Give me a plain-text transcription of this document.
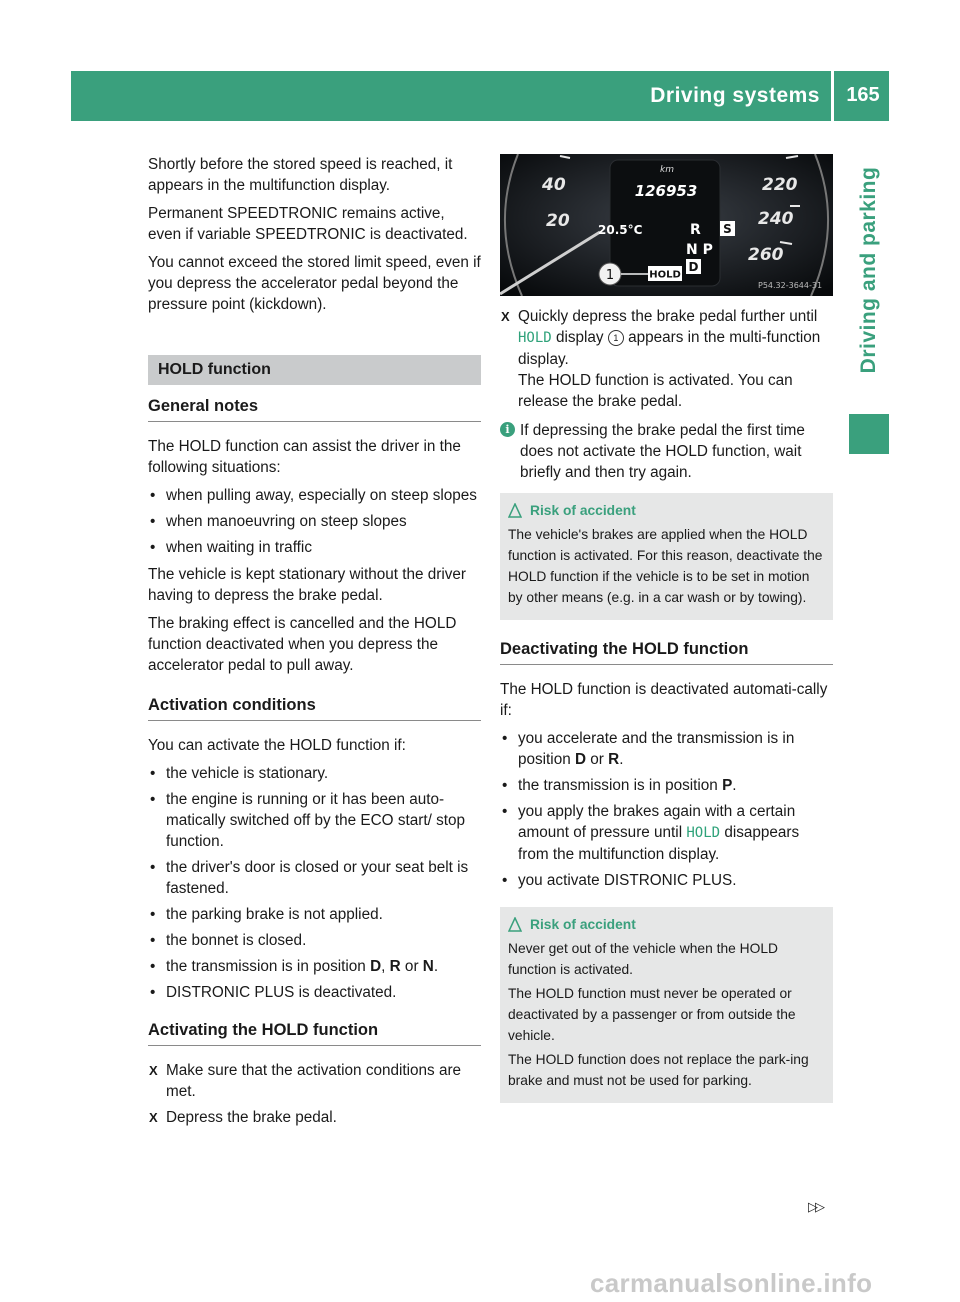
Driving systems	165
Driving and parking

Shortly before the stored speed is reached, it appears in the multifunction display.

Permanent SPEEDTRONIC remains active, even if variable SPEEDTRONIC is deactivated.

You cannot exceed the stored limit speed, even if you depress the accelerator pedal beyond the pressure point (kickdown).

HOLD function
General notes

The HOLD function can assist the driver in the following situations:

• when pulling away, especially on steep slopes
• when manoeuvring on steep slopes
• when waiting in traffic

The vehicle is kept stationary without the driver having to depress the brake pedal.

The braking effect is cancelled and the HOLD function deactivated when you depress the accelerator pedal to pull away.

Activation conditions

You can activate the HOLD function if:

• the vehicle is stationary.
• the engine is running or it has been auto-matically switched off by the ECO start/ stop function.
• the driver's door is closed or your seat belt is fastened.
• the parking brake is not applied.
• the bonnet is closed.
• the transmission is in position D, R or N.
• DISTRONIC PLUS is deactivated.
Activating the HOLD function
X Make sure that the activation conditions are met.
X Depress the brake pedal.
40
20
220
240
260
km
126953
20.5°C	R S
N P
D
1	HOLD
P54.32-3644-31
X Quickly depress the brake pedal further until HOLD display 1 appears in the multi-function display.
The HOLD function is activated. You can release the brake pedal.
i If depressing the brake pedal the first time does not activate the HOLD function, wait briefly and then try again.
Risk of accident

The vehicle's brakes are applied when the HOLD function is activated. For this reason, deactivate the HOLD function if the vehicle is to be set in motion by other means (e.g. in a car wash or by towing).

Deactivating the HOLD function

The HOLD function is deactivated automati-cally if:

• you accelerate and the transmission is in position D or R.
• the transmission is in position P.
• you apply the brakes again with a certain amount of pressure until HOLD disappears from the multifunction display.
• you activate DISTRONIC PLUS.
Risk of accident

Never get out of the vehicle when the HOLD function is activated.

The HOLD function must never be operated or deactivated by a passenger or from outside the vehicle.

The HOLD function does not replace the park-ing brake and must not be used for parking.

▷▷
carmanualsonline.info
